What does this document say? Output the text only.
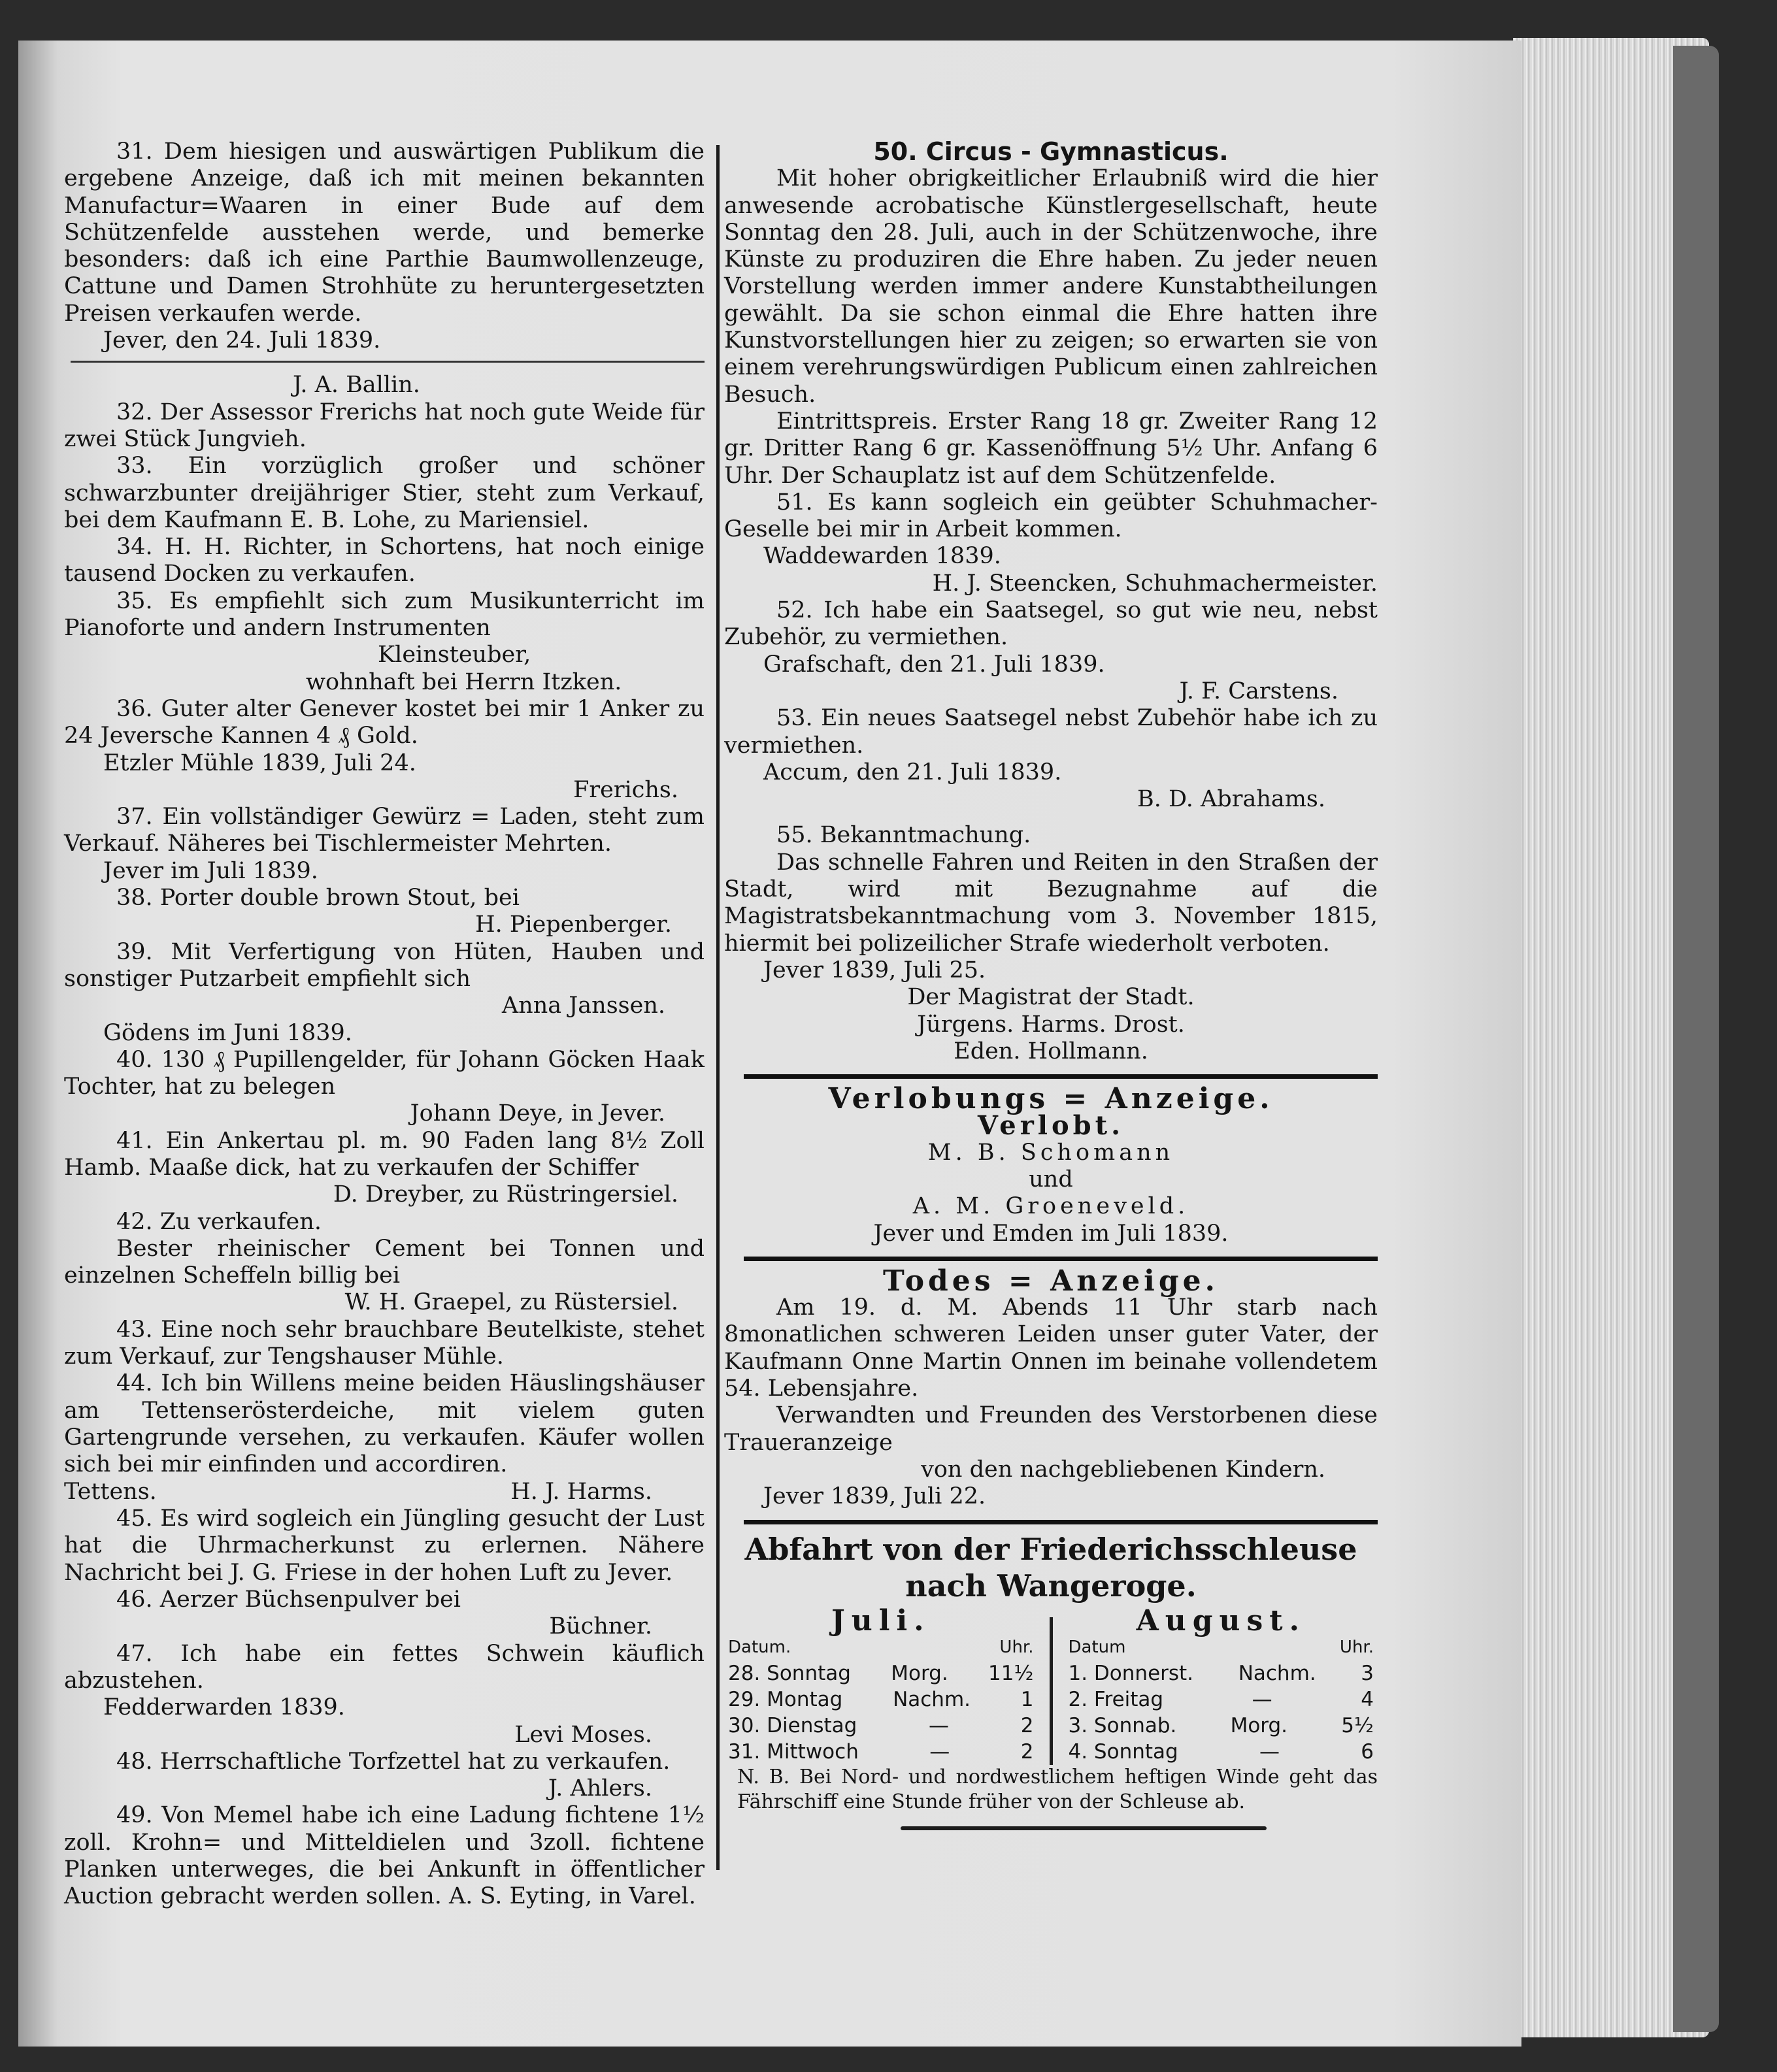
31. Dem hiesigen und auswärtigen Publikum die ergebene Anzeige, daß ich mit meinen bekannten Manufactur=Waaren in einer Bude auf dem Schützenfelde ausstehen werde, und bemerke besonders: daß ich eine Parthie Baumwollenzeuge, Cattune und Damen Strohhüte zu heruntergesetzten Preisen verkaufen werde.

Jever, den 24. Juli 1839.

J. A. Ballin.

32. Der Assessor Frerichs hat noch gute Weide für zwei Stück Jungvieh.

33. Ein vorzüglich großer und schöner schwarzbunter dreijähriger Stier, steht zum Verkauf, bei dem Kaufmann E. B. Lohe, zu Mariensiel.

34. H. H. Richter, in Schortens, hat noch einige tausend Docken zu verkaufen.

35. Es empfiehlt sich zum Musikunterricht im Pianoforte und andern Instrumenten

Kleinsteuber,

wohnhaft bei Herrn Itzken.

36. Guter alter Genever kostet bei mir 1 Anker zu 24 Jeversche Kannen 4 ₰ Gold.

Etzler Mühle 1839, Juli 24.

Frerichs.

37. Ein vollständiger Gewürz = Laden, steht zum Verkauf. Näheres bei Tischlermeister Mehrten.

Jever im Juli 1839.

38. Porter double brown Stout, bei

H. Piepenberger.

39. Mit Verfertigung von Hüten, Hauben und sonstiger Putzarbeit empfiehlt sich

Anna Janssen.

Gödens im Juni 1839.

40. 130 ₰ Pupillengelder, für Johann Göcken Haak Tochter, hat zu belegen

Johann Deye, in Jever.

41. Ein Ankertau pl. m. 90 Faden lang 8½ Zoll Hamb. Maaße dick, hat zu verkaufen der Schiffer

D. Dreyber, zu Rüstringersiel.

42. Zu verkaufen.

Bester rheinischer Cement bei Tonnen und einzelnen Scheffeln billig bei

W. H. Graepel, zu Rüstersiel.

43. Eine noch sehr brauchbare Beutelkiste, stehet zum Verkauf, zur Tengshauser Mühle.

44. Ich bin Willens meine beiden Häuslingshäuser am Tettenserösterdeiche, mit vielem guten Gartengrunde versehen, zu verkaufen. Käufer wollen sich bei mir einfinden und accordiren.

Tettens.	H. J. Harms.

45. Es wird sogleich ein Jüngling gesucht der Lust hat die Uhrmacherkunst zu erlernen. Nähere Nachricht bei J. G. Friese in der hohen Luft zu Jever.

46. Aerzer Büchsenpulver bei

Büchner.

47. Ich habe ein fettes Schwein käuflich abzustehen.

Fedderwarden 1839.

Levi Moses.

48. Herrschaftliche Torfzettel hat zu verkaufen.

J. Ahlers.

49. Von Memel habe ich eine Ladung fichtene 1½ zoll. Krohn= und Mitteldielen und 3zoll. fichtene Planken unterweges, die bei Ankunft in öffentlicher Auction gebracht werden sollen. A. S. Eyting, in Varel.

50. Circus - Gymnasticus.

Mit hoher obrigkeitlicher Erlaubniß wird die hier anwesende acrobatische Künstlergesellschaft, heute Sonntag den 28. Juli, auch in der Schützenwoche, ihre Künste zu produziren die Ehre haben. Zu jeder neuen Vorstellung werden immer andere Kunstabtheilungen gewählt. Da sie schon einmal die Ehre hatten ihre Kunstvorstellungen hier zu zeigen; so erwarten sie von einem verehrungswürdigen Publicum einen zahlreichen Besuch.

Eintrittspreis. Erster Rang 18 gr. Zweiter Rang 12 gr. Dritter Rang 6 gr. Kassenöffnung 5½ Uhr. Anfang 6 Uhr. Der Schauplatz ist auf dem Schützenfelde.

51. Es kann sogleich ein geübter Schuhmacher-Geselle bei mir in Arbeit kommen.

Waddewarden 1839.

H. J. Steencken, Schuhmachermeister.

52. Ich habe ein Saatsegel, so gut wie neu, nebst Zubehör, zu vermiethen.

Grafschaft, den 21. Juli 1839.

J. F. Carstens.

53. Ein neues Saatsegel nebst Zubehör habe ich zu vermiethen.

Accum, den 21. Juli 1839.

B. D. Abrahams.

55. Bekanntmachung.

Das schnelle Fahren und Reiten in den Straßen der Stadt, wird mit Bezugnahme auf die Magistratsbekanntmachung vom 3. November 1815, hiermit bei polizeilicher Strafe wiederholt verboten.

Jever 1839, Juli 25.

Der Magistrat der Stadt.

Jürgens. Harms. Drost.

Eden. Hollmann.

Verlobungs = Anzeige.

Verlobt.

M. B. Schomann

und

A. M. Groeneveld.

Jever und Emden im Juli 1839.

Todes = Anzeige.

Am 19. d. M. Abends 11 Uhr starb nach 8monatlichen schweren Leiden unser guter Vater, der Kaufmann Onne Martin Onnen im beinahe vollendetem 54. Lebensjahre.

Verwandten und Freunden des Verstorbenen diese Traueranzeige

von den nachgebliebenen Kindern.

Jever 1839, Juli 22.

Abfahrt von der Friederichsschleuse nach Wangeroge.

Juli.
Datum.	Uhr.
28. Sonntag Morg. 11½
29. Montag Nachm. 1
30. Dienstag	—	2
31. Mittwoch	—	2
August.
Datum	Uhr.
1. Donnerst. Nachm. 3
2. Freitag	—	4
3. Sonnab.	Morg.	5½
4. Sonntag	—	6

N. B. Bei Nord- und nordwestlichem heftigen Winde geht das Fährschiff eine Stunde früher von der Schleuse ab.
